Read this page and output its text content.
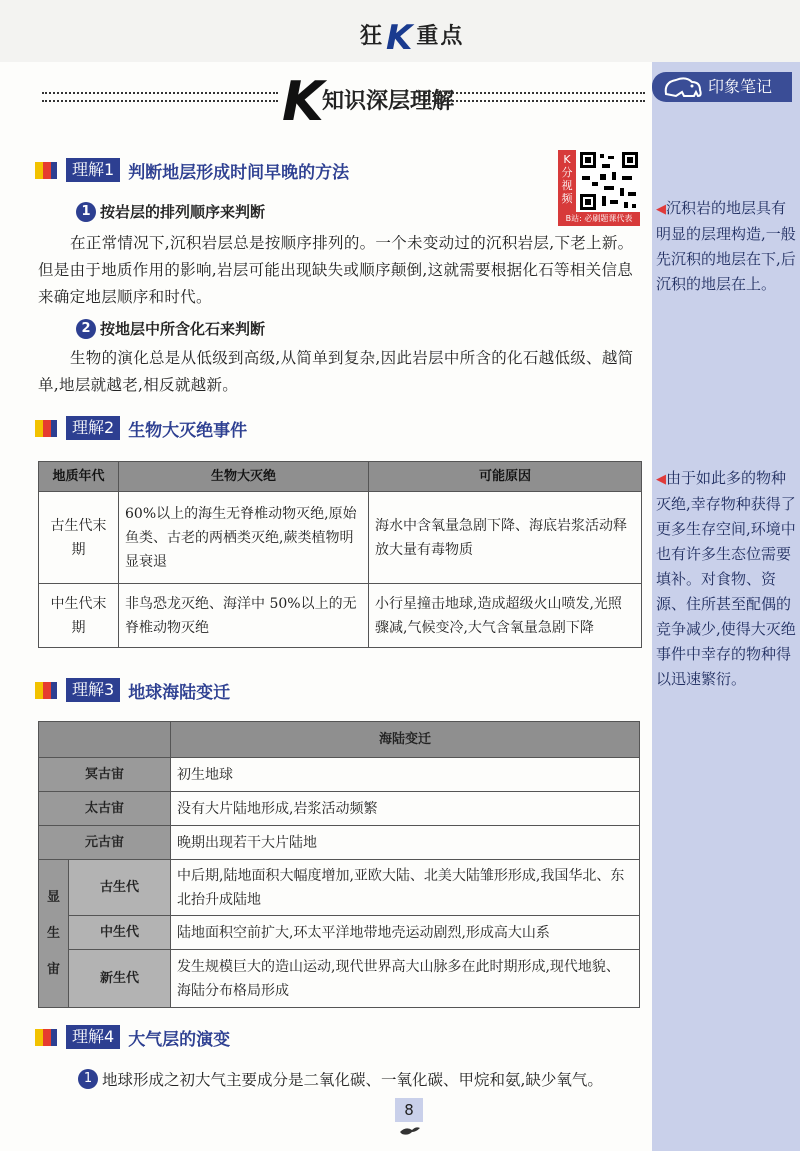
狂K重点
印象笔记
◀沉积岩的地层具有明显的层理构造,一般先沉积的地层在下,后沉积的地层在上。
◀由于如此多的物种灭绝,幸存物种获得了更多生存空间,环境中也有许多生态位需要填补。对食物、资源、住所甚至配偶的竞争减少,使得大灭绝事件中幸存的物种得以迅速繁衍。
K
知识深层理解
理解1 判断地层形成时间早晚的方法
K分视频
B站: 必刷题课代表
1 按岩层的排列顺序来判断
在正常情况下,沉积岩层总是按顺序排列的。一个未变动过的沉积岩层,下老上新。但是由于地质作用的影响,岩层可能出现缺失或顺序颠倒,这就需要根据化石等相关信息来确定地层顺序和时代。
2 按地层中所含化石来判断
生物的演化总是从低级到高级,从简单到复杂,因此岩层中所含的化石越低级、越简单,地层就越老,相反就越新。
理解2 生物大灭绝事件
地质年代	生物大灭绝	可能原因
古生代末期	60%以上的海生无脊椎动物灭绝,原始鱼类、古老的两栖类灭绝,蕨类植物明显衰退	海水中含氧量急剧下降、海底岩浆活动释放大量有毒物质
中生代末期	非鸟恐龙灭绝、海洋中 50%以上的无脊椎动物灭绝	小行星撞击地球,造成超级火山喷发,光照骤减,气候变冷,大气含氧量急剧下降
理解3 地球海陆变迁
		海陆变迁
冥古宙		初生地球
太古宙		没有大片陆地形成,岩浆活动频繁
元古宙		晚期出现若干大片陆地
显生宙	古生代	中后期,陆地面积大幅度增加,亚欧大陆、北美大陆雏形形成,我国华北、东北抬升成陆地
	中生代	陆地面积空前扩大,环太平洋地带地壳运动剧烈,形成高大山系
	新生代	发生规模巨大的造山运动,现代世界高大山脉多在此时期形成,现代地貌、海陆分布格局形成
理解4 大气层的演变
1 地球形成之初大气主要成分是二氧化碳、一氧化碳、甲烷和氨,缺少氧气。
8
